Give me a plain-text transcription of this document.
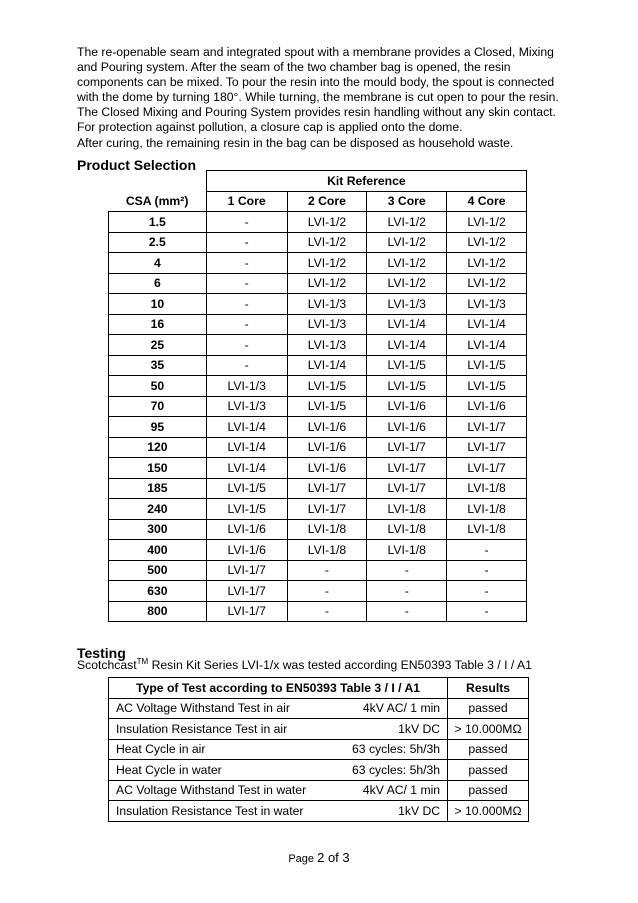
The re-openable seam and integrated spout with a membrane provides a Closed, Mixing and Pouring system. After the seam of the two chamber bag is opened, the resin components can be mixed. To pour the resin into the mould body, the spout is connected with the dome by turning 180°. While turning, the membrane is cut open to pour the resin.

The Closed Mixing and Pouring System provides resin handling without any skin contact.

For protection against pollution, a closure cap is applied onto the dome.

After curing, the remaining resin in the bag can be disposed as household waste.

Product Selection
	Kit Reference			
CSA (mm²)	1 Core	2 Core	3 Core	4 Core
1.5	-	LVI-1/2	LVI-1/2	LVI-1/2
2.5	-	LVI-1/2	LVI-1/2	LVI-1/2
4	-	LVI-1/2	LVI-1/2	LVI-1/2
6	-	LVI-1/2	LVI-1/2	LVI-1/2
10	-	LVI-1/3	LVI-1/3	LVI-1/3
16	-	LVI-1/3	LVI-1/4	LVI-1/4
25	-	LVI-1/3	LVI-1/4	LVI-1/4
35	-	LVI-1/4	LVI-1/5	LVI-1/5
50	LVI-1/3	LVI-1/5	LVI-1/5	LVI-1/5
70	LVI-1/3	LVI-1/5	LVI-1/6	LVI-1/6
95	LVI-1/4	LVI-1/6	LVI-1/6	LVI-1/7
120	LVI-1/4	LVI-1/6	LVI-1/7	LVI-1/7
150	LVI-1/4	LVI-1/6	LVI-1/7	LVI-1/7
185	LVI-1/5	LVI-1/7	LVI-1/7	LVI-1/8
240	LVI-1/5	LVI-1/7	LVI-1/8	LVI-1/8
300	LVI-1/6	LVI-1/8	LVI-1/8	LVI-1/8
400	LVI-1/6	LVI-1/8	LVI-1/8	-
500	LVI-1/7	-	-	-
630	LVI-1/7	-	-	-
800	LVI-1/7	-	-	-
Testing
Scotchcast™ Resin Kit Series LVI-1/x was tested according EN50393 Table 3 / I / A1
Type of Test according to EN50393 Table 3 / I / A1		Results
AC Voltage Withstand Test in air	4kV AC/ 1 min	passed
Insulation Resistance Test in air	1kV DC	> 10.000MΩ
Heat Cycle in air	63 cycles: 5h/3h	passed
Heat Cycle in water	63 cycles: 5h/3h	passed
AC Voltage Withstand Test in water	4kV AC/ 1 min	passed
Insulation Resistance Test in water	1kV DC	> 10.000MΩ
Page 2 of 3
